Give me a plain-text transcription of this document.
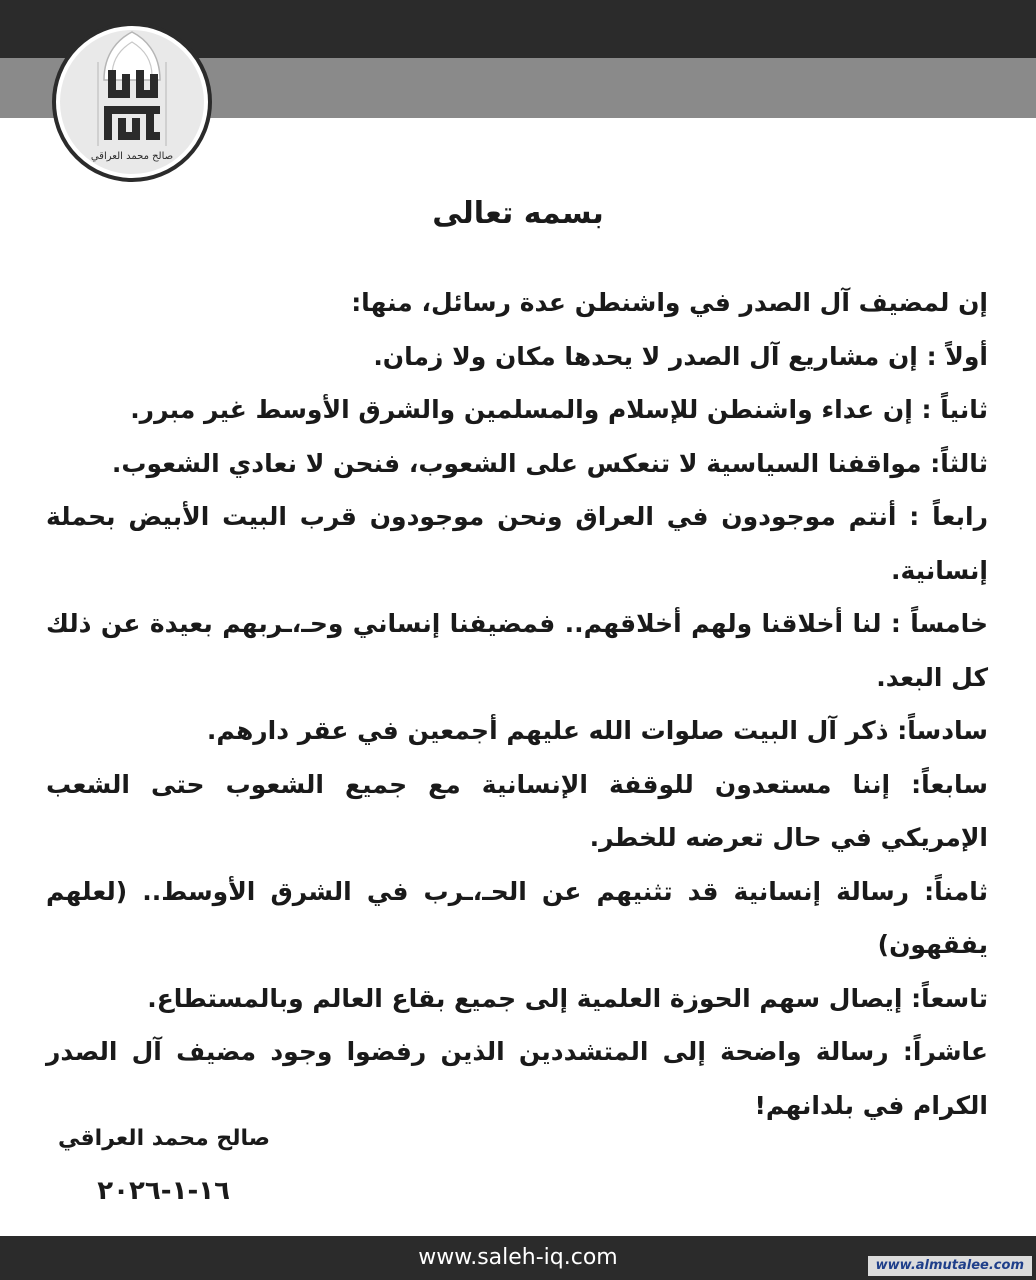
صالح محمد العراقي
بسمه تعالى

إن لمضيف آل الصدر في واشنطن عدة رسائل، منها:

أولاً : إن مشاريع آل الصدر لا يحدها مكان ولا زمان.

ثانياً : إن عداء واشنطن للإسلام والمسلمين والشرق الأوسط غير مبرر.

ثالثاً: مواقفنا السياسية لا تنعكس على الشعوب، فنحن لا نعادي الشعوب.

رابعاً : أنتم موجودون في العراق ونحن موجودون قرب البيت الأبيض بحملة إنسانية.

خامساً : لنا أخلاقنا ولهم أخلاقهم.. فمضيفنا إنساني وحـ،ـربهم بعيدة عن ذلك كل البعد.

سادساً: ذكر آل البيت صلوات الله عليهم أجمعين في عقر دارهم.

سابعاً: إننا مستعدون للوقفة الإنسانية مع جميع الشعوب حتى الشعب الإمريكي في حال تعرضه للخطر.

ثامناً: رسالة إنسانية قد تثنيهم عن الحـ،ـرب في الشرق الأوسط.. (لعلهم يفقهون)

تاسعاً: إيصال سهم الحوزة العلمية إلى جميع بقاع العالم وبالمستطاع.

عاشراً: رسالة واضحة إلى المتشددين الذين رفضوا وجود مضيف آل الصدر الكرام في بلدانهم!

صالح محمد العراقي
١٦-١-٢٠٢٦
www.saleh-iq.com	www.almutalee.com
